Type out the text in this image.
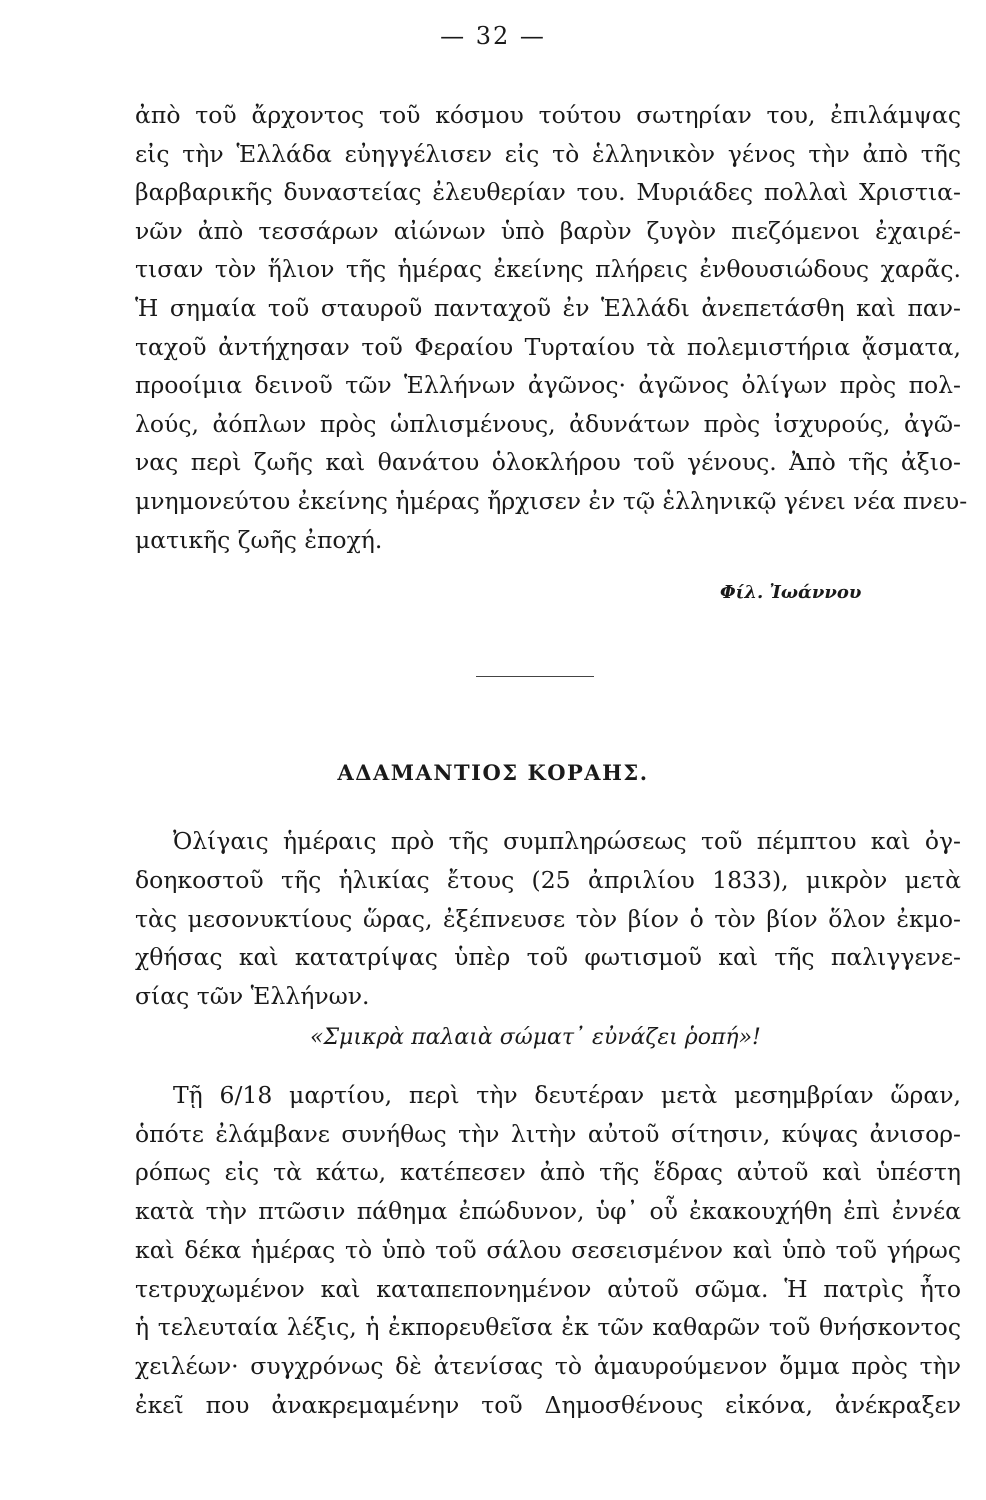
— 32 —
ἀπὸ τοῦ ἄρχοντος τοῦ κόσμου τούτου σωτηρίαν του, ἐπιλάμψας
εἰς τὴν Ἑλλάδα εὐηγγέλισεν εἰς τὸ ἑλληνικὸν γένος τὴν ἀπὸ τῆς
βαρβαρικῆς δυναστείας ἐλευθερίαν του. Μυριάδες πολλαὶ Χριστια-
νῶν ἀπὸ τεσσάρων αἰώνων ὑπὸ βαρὺν ζυγὸν πιεζόμενοι ἐχαιρέ-
τισαν τὸν ἥλιον τῆς ἡμέρας ἐκείνης πλήρεις ἐνθουσιώδους χαρᾶς.
Ἡ σημαία τοῦ σταυροῦ πανταχοῦ ἐν Ἑλλάδι ἀνεπετάσθη καὶ παν-
ταχοῦ ἀντήχησαν τοῦ Φεραίου Τυρταίου τὰ πολεμιστήρια ᾄσματα,
προοίμια δεινοῦ τῶν Ἑλλήνων ἀγῶνος· ἀγῶνος ὀλίγων πρὸς πολ-
λούς, ἀόπλων πρὸς ὡπλισμένους, ἀδυνάτων πρὸς ἰσχυρούς, ἀγῶ-
νας περὶ ζωῆς καὶ θανάτου ὁλοκλήρου τοῦ γένους. Ἀπὸ τῆς ἀξιο-
μνημονεύτου ἐκείνης ἡμέρας ἤρχισεν ἐν τῷ ἑλληνικῷ γένει νέα πνευ-
ματικῆς ζωῆς ἐποχή.
Φίλ. Ἰωάννου
ΑΔΑΜΑΝΤΙΟΣ ΚΟΡΑΗΣ.
Ὀλίγαις ἡμέραις πρὸ τῆς συμπληρώσεως τοῦ πέμπτου καὶ ὀγ-
δοηκοστοῦ τῆς ἡλικίας ἔτους (25 ἀπριλίου 1833), μικρὸν μετὰ
τὰς μεσονυκτίους ὥρας, ἐξέπνευσε τὸν βίον ὁ τὸν βίον ὅλον ἐκμο-
χθήσας καὶ κατατρίψας ὑπὲρ τοῦ φωτισμοῦ καὶ τῆς παλιγγενε-
σίας τῶν Ἑλλήνων.
«Σμικρὰ παλαιὰ σώματ᾽ εὐνάζει ῥοπή»!
Τῇ 6/18 μαρτίου, περὶ τὴν δευτέραν μετὰ μεσημβρίαν ὥραν,
ὁπότε ἐλάμβανε συνήθως τὴν λιτὴν αὐτοῦ σίτησιν, κύψας ἀνισορ-
ρόπως εἰς τὰ κάτω, κατέπεσεν ἀπὸ τῆς ἕδρας αὐτοῦ καὶ ὑπέστη
κατὰ τὴν πτῶσιν πάθημα ἐπώδυνον, ὑφ᾽ οὗ ἐκακουχήθη ἐπὶ ἐννέα
καὶ δέκα ἡμέρας τὸ ὑπὸ τοῦ σάλου σεσεισμένον καὶ ὑπὸ τοῦ γήρως
τετρυχωμένον καὶ καταπεπονημένον αὐτοῦ σῶμα. Ἡ πατρὶς ἦτο
ἡ τελευταία λέξις, ἡ ἐκπορευθεῖσα ἐκ τῶν καθαρῶν τοῦ θνήσκοντος
χειλέων· συγχρόνως δὲ ἀτενίσας τὸ ἀμαυρούμενον ὄμμα πρὸς τὴν
ἐκεῖ που ἀνακρεμαμένην τοῦ Δημοσθένους εἰκόνα, ἀνέκραξεν
